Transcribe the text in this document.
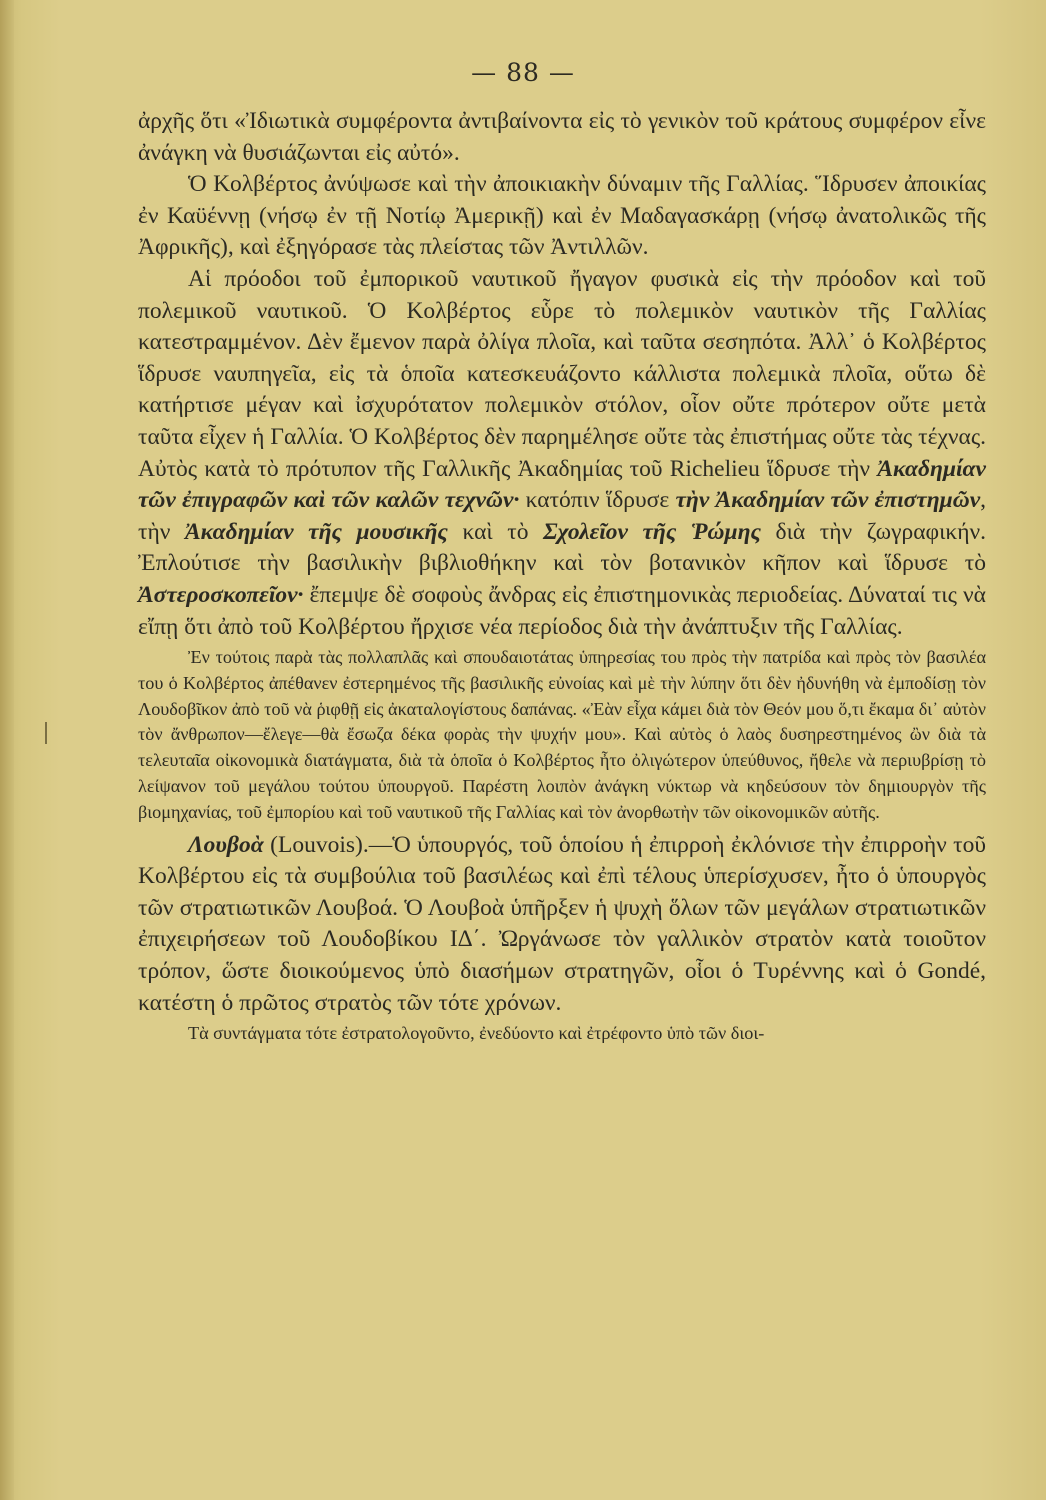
— 88 —

ἀρχῆς ὅτι «Ἰδιωτικὰ συμφέροντα ἀντιβαίνοντα εἰς τὸ γενικὸν τοῦ κράτους συμφέρον εἶνε ἀνάγκη νὰ θυσιάζωνται εἰς αὐτό».

Ὁ Κολβέρτος ἀνύψωσε καὶ τὴν ἀποικιακὴν δύναμιν τῆς Γαλλίας. Ἵδρυσεν ἀποικίας ἐν Καϋέννῃ (νήσῳ ἐν τῇ Νοτίῳ Ἀμερικῇ) καὶ ἐν Μαδαγασκάρῃ (νήσῳ ἀνατολικῶς τῆς Ἀφρικῆς), καὶ ἐξηγόρασε τὰς πλείστας τῶν Ἀντιλλῶν.

Αἱ πρόοδοι τοῦ ἐμπορικοῦ ναυτικοῦ ἤγαγον φυσικὰ εἰς τὴν πρόοδον καὶ τοῦ πολεμικοῦ ναυτικοῦ. Ὁ Κολβέρτος εὗρε τὸ πολεμικὸν ναυτικὸν τῆς Γαλλίας κατεστραμμένον. Δὲν ἔμενον παρὰ ὀλίγα πλοῖα, καὶ ταῦτα σεσηπότα. Ἀλλ᾽ ὁ Κολβέρτος ἵδρυσε ναυπηγεῖα, εἰς τὰ ὁποῖα κατεσκευάζοντο κάλλιστα πολεμικὰ πλοῖα, οὕτω δὲ κατήρτισε μέγαν καὶ ἰσχυρότατον πολεμικὸν στόλον, οἷον οὔτε πρότερον οὔτε μετὰ ταῦτα εἶχεν ἡ Γαλλία. Ὁ Κολβέρτος δὲν παρημέλησε οὔτε τὰς ἐπιστήμας οὔτε τὰς τέχνας. Αὐτὸς κατὰ τὸ πρότυπον τῆς Γαλλικῆς Ἀκαδημίας τοῦ Richelieu ἵδρυσε τὴν Ἀκαδημίαν τῶν ἐπιγραφῶν καὶ τῶν καλῶν τεχνῶν· κατόπιν ἵδρυσε τὴν Ἀκαδημίαν τῶν ἐπιστημῶν, τὴν Ἀκαδημίαν τῆς μουσικῆς καὶ τὸ Σχολεῖον τῆς Ῥώμης διὰ τὴν ζωγραφικήν. Ἐπλούτισε τὴν βασιλικὴν βιβλιοθήκην καὶ τὸν βοτανικὸν κῆπον καὶ ἵδρυσε τὸ Ἀστεροσκοπεῖον· ἔπεμψε δὲ σοφοὺς ἄνδρας εἰς ἐπιστημονικὰς περιοδείας. Δύναταί τις νὰ εἴπῃ ὅτι ἀπὸ τοῦ Κολβέρτου ἤρχισε νέα περίοδος διὰ τὴν ἀνάπτυξιν τῆς Γαλλίας.

Ἐν τούτοις παρὰ τὰς πολλαπλᾶς καὶ σπουδαιοτάτας ὑπηρεσίας του πρὸς τὴν πατρίδα καὶ πρὸς τὸν βασιλέα του ὁ Κολβέρτος ἀπέθανεν ἐστερημένος τῆς βασιλικῆς εὐνοίας καὶ μὲ τὴν λύπην ὅτι δὲν ἠδυνήθη νὰ ἐμποδίσῃ τὸν Λουδοβῖκον ἀπὸ τοῦ νὰ ῥιφθῇ εἰς ἀκαταλογίστους δαπάνας. «Ἐὰν εἶχα κάμει διὰ τὸν Θεόν μου ὅ,τι ἔκαμα δι᾽ αὐτὸν τὸν ἄνθρωπον—ἔλεγε—θὰ ἔσωζα δέκα φορὰς τὴν ψυχήν μου». Καὶ αὐτὸς ὁ λαὸς δυσηρεστημένος ὢν διὰ τὰ τελευταῖα οἰκονομικὰ διατάγματα, διὰ τὰ ὁποῖα ὁ Κολβέρτος ἦτο ὀλιγώτερον ὑπεύθυνος, ἤθελε νὰ περιυβρίσῃ τὸ λείψανον τοῦ μεγάλου τούτου ὑπουργοῦ. Παρέστη λοιπὸν ἀνάγκη νύκτωρ νὰ κηδεύσουν τὸν δημιουργὸν τῆς βιομηχανίας, τοῦ ἐμπορίου καὶ τοῦ ναυτικοῦ τῆς Γαλλίας καὶ τὸν ἀνορθωτὴν τῶν οἰκονομικῶν αὐτῆς.

Λουβοὰ (Louvois).—Ὁ ὑπουργός, τοῦ ὁποίου ἡ ἐπιρροὴ ἐκλόνισε τὴν ἐπιρροὴν τοῦ Κολβέρτου εἰς τὰ συμβούλια τοῦ βασιλέως καὶ ἐπὶ τέλους ὑπερίσχυσεν, ἦτο ὁ ὑπουργὸς τῶν στρατιωτικῶν Λουβοά. Ὁ Λουβοὰ ὑπῆρξεν ἡ ψυχὴ ὅλων τῶν μεγάλων στρατιωτικῶν ἐπιχειρήσεων τοῦ Λουδοβίκου ΙΔ΄. Ὠργάνωσε τὸν γαλλικὸν στρατὸν κατὰ τοιοῦτον τρόπον, ὥστε διοικούμενος ὑπὸ διασήμων στρατηγῶν, οἷοι ὁ Τυρέννης καὶ ὁ Gondé, κατέστη ὁ πρῶτος στρατὸς τῶν τότε χρόνων.

Τὰ συντάγματα τότε ἐστρατολογοῦντο, ἐνεδύοντο καὶ ἐτρέφοντο ὑπὸ τῶν διοι-
